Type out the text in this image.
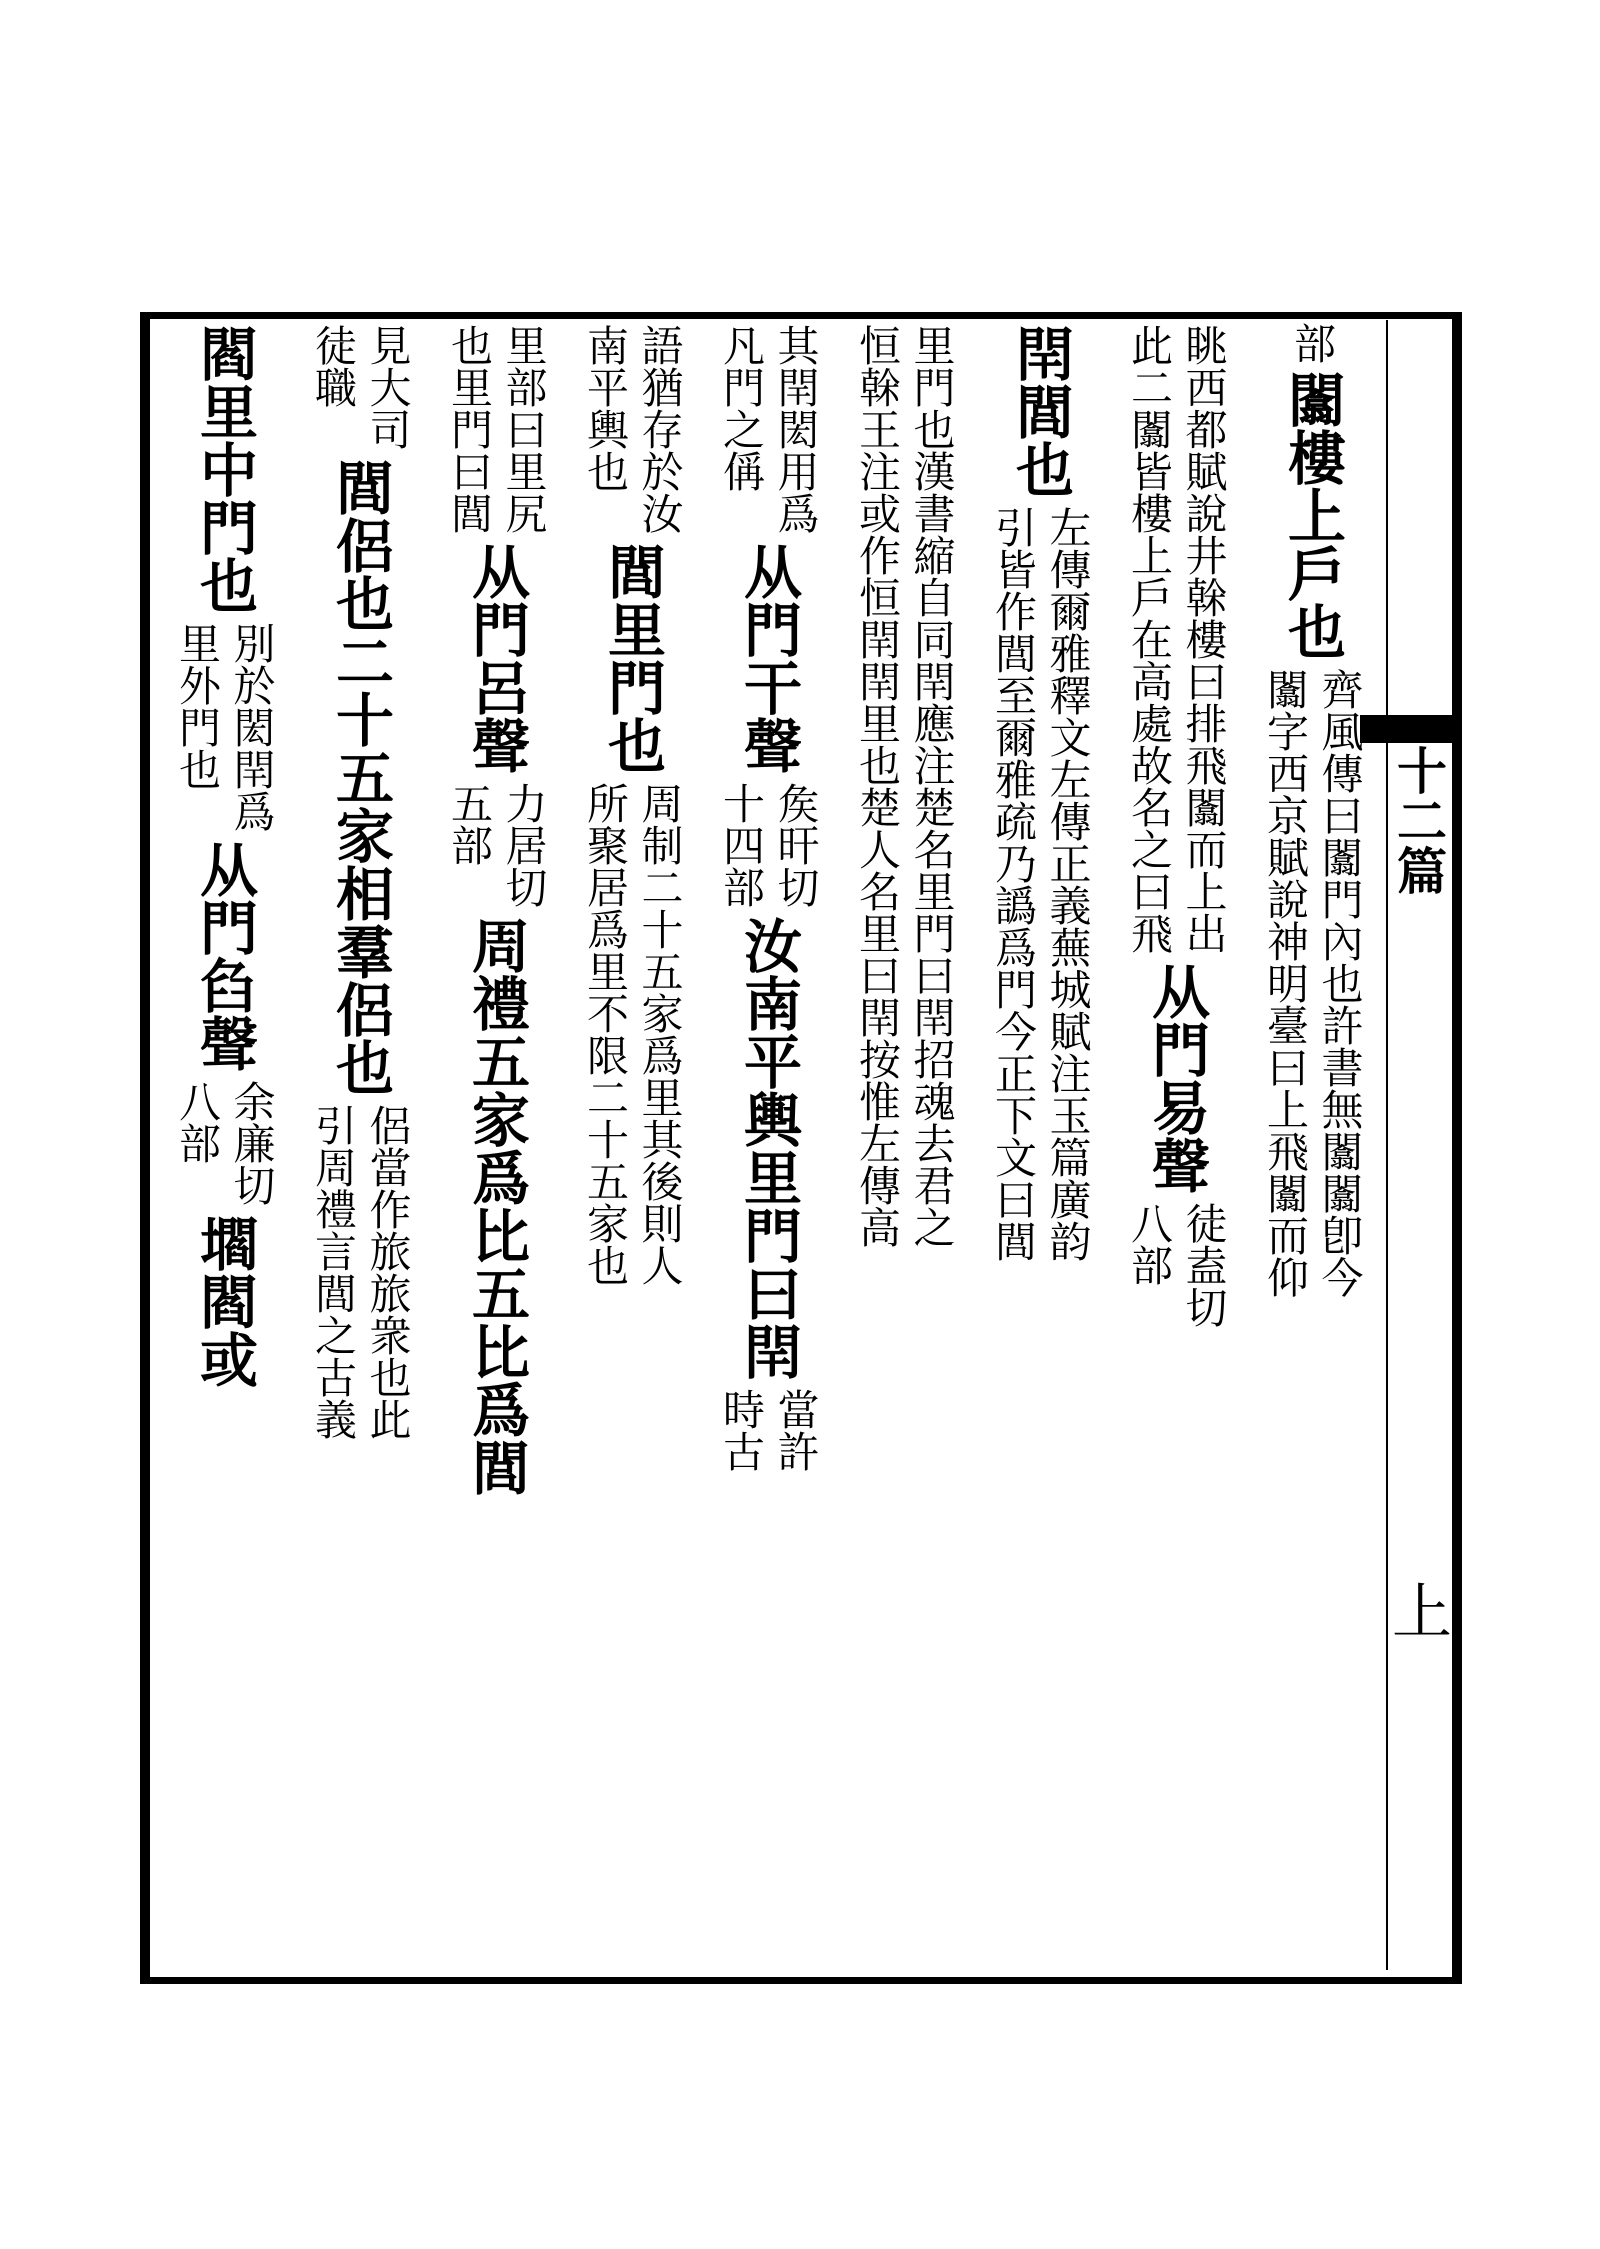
十二篇
上
部
闟樓上戶也
闟字西京賦說神明臺曰上飛闟而仰 齊風傳曰闟門內也許書無闟闟卽今
此二闟皆樓上戶在高處故名之曰飛 眺西都賦說井榦樓曰排飛闟而上出
从門易聲
八部 徒盍切
閈閭也
引皆作閭至爾雅疏乃譌爲門今正下文曰閭 左傳爾雅釋文左傳正義蕪城賦注玉篇廣韵
恒榦王注或作恒閈閈里也楚人名里曰閈按惟左傳高 里門也漢書縮自同閈應注楚名里門曰閈招魂去君之
凡門之偁 其閈閎用爲
从門干聲
十四部 矦旰切
汝南平輿里門曰閈
時古 當許
南平輿也 語猶存於汝
閭里門也
所聚居爲里不限二十五家也 周制二十五家爲里其後則人
也里門曰閭 里部曰里尻
从門呂聲
五部 力居切
周禮五家爲比五比爲閭
徒職 見大司
閭侶也二十五家相羣侶也
引周禮言閭之古義 侶當作旅旅衆也此
閻里中門也
里外門也 別於閎閈爲
从門臽聲
八部 余廉切
壛閻或
